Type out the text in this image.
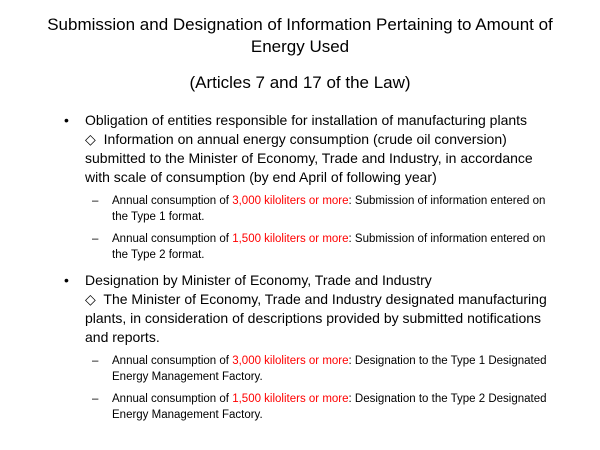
Submission and Designation of Information Pertaining to Amount of Energy Used
(Articles 7 and 17 of the Law)
• Obligation of entities responsible for installation of manufacturing plants
◇ Information on annual energy consumption (crude oil conversion) submitted to the Minister of Economy, Trade and Industry, in accordance with scale of consumption (by end April of following year)
– Annual consumption of 3,000 kiloliters or more: Submission of information entered on the Type 1 format.
– Annual consumption of 1,500 kiloliters or more: Submission of information entered on the Type 2 format.
• Designation by Minister of Economy, Trade and Industry
◇ The Minister of Economy, Trade and Industry designated manufacturing plants, in consideration of descriptions provided by submitted notifications and reports.
– Annual consumption of 3,000 kiloliters or more: Designation to the Type 1 Designated Energy Management Factory.
– Annual consumption of 1,500 kiloliters or more: Designation to the Type 2 Designated Energy Management Factory.
